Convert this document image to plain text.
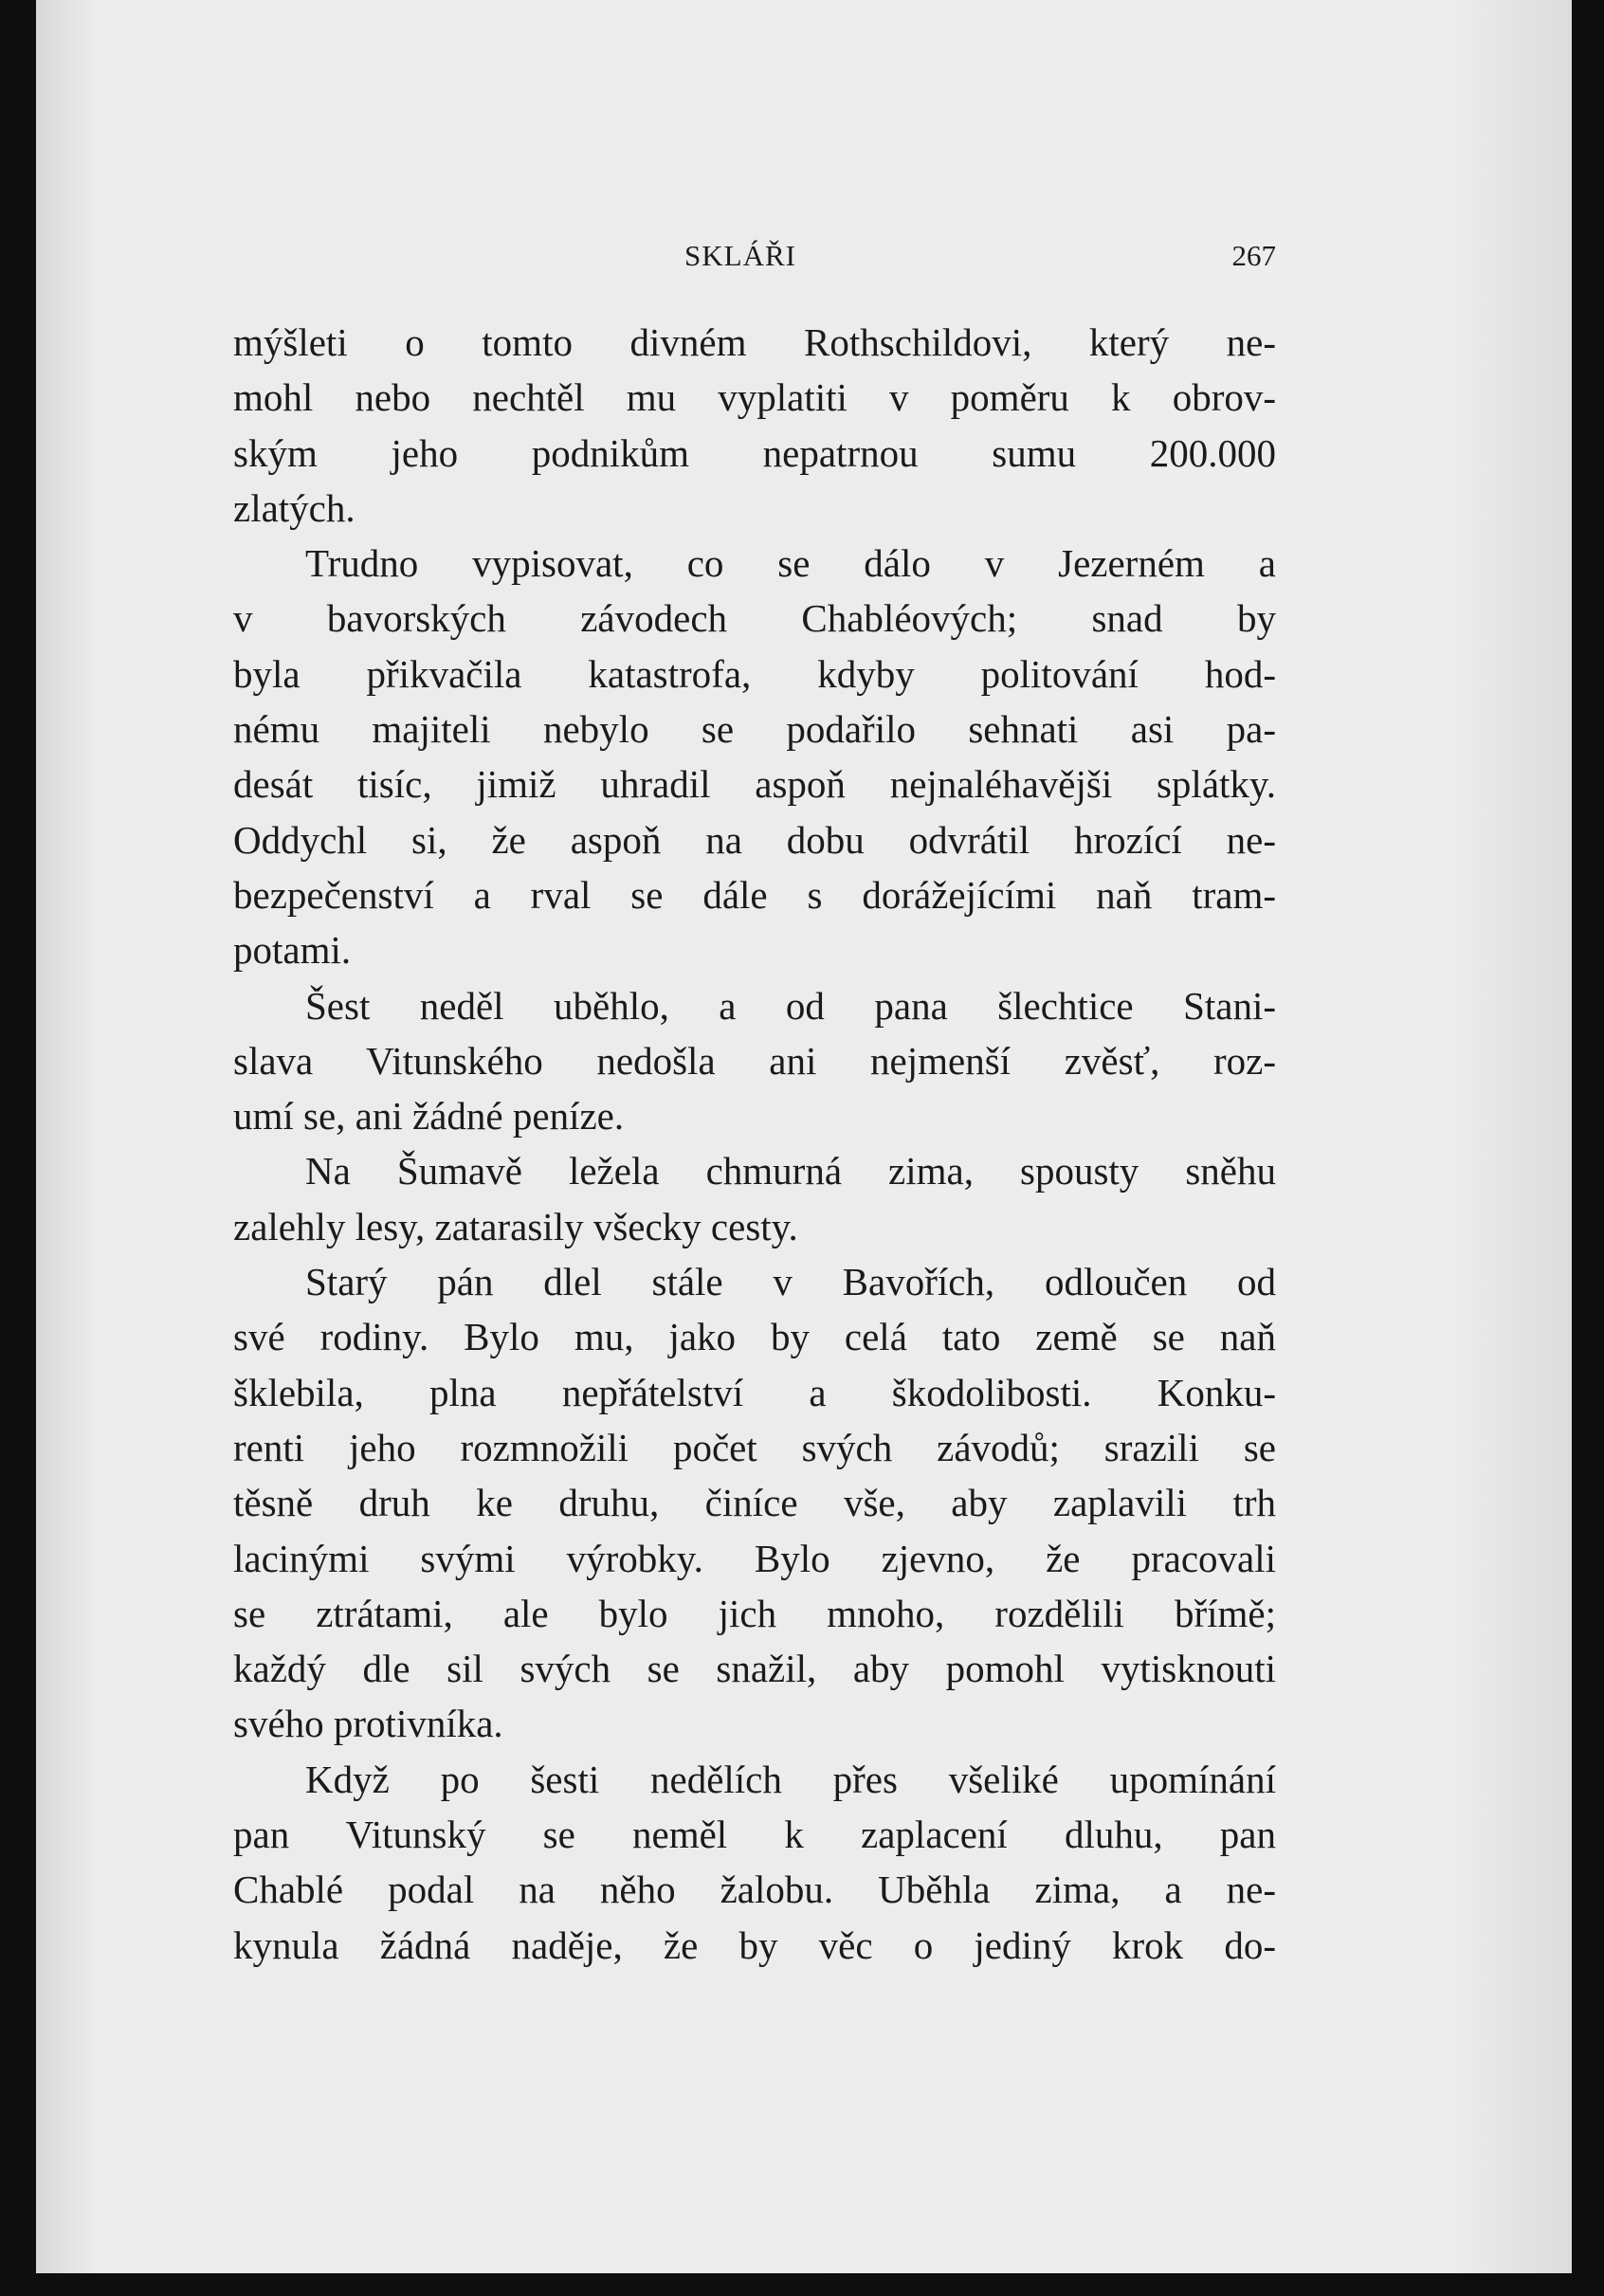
SKLÁŘI	267
mýšleti o tomto divném Rothschildovi, který ne-
mohl nebo nechtěl mu vyplatiti v poměru k obrov-
ským jeho podnikům nepatrnou sumu 200.000
zlatých.
Trudno vypisovat, co se dálo v Jezerném a
v bavorských závodech Chabléových; snad by
byla přikvačila katastrofa, kdyby politování hod-
nému majiteli nebylo se podařilo sehnati asi pa-
desát tisíc, jimiž uhradil aspoň nejnaléhavějši splátky.
Oddychl si, že aspoň na dobu odvrátil hrozící ne-
bezpečenství a rval se dále s dorážejícími naň tram-
potami.
Šest neděl uběhlo, a od pana šlechtice Stani-
slava Vitunského nedošla ani nejmenší zvěsť, roz-
umí se, ani žádné peníze.
Na Šumavě ležela chmurná zima, spousty sněhu
zalehly lesy, zatarasily všecky cesty.
Starý pán dlel stále v Bavořích, odloučen od
své rodiny. Bylo mu, jako by celá tato země se naň
šklebila, plna nepřátelství a škodolibosti. Konku-
renti jeho rozmnožili počet svých závodů; srazili se
těsně druh ke druhu, činíce vše, aby zaplavili trh
lacinými svými výrobky. Bylo zjevno, že pracovali
se ztrátami, ale bylo jich mnoho, rozdělili břímě;
každý dle sil svých se snažil, aby pomohl vytisknouti
svého protivníka.
Když po šesti nedělích přes všeliké upomínání
pan Vitunský se neměl k zaplacení dluhu, pan
Chablé podal na něho žalobu. Uběhla zima, a ne-
kynula žádná naděje, že by věc o jediný krok do-
